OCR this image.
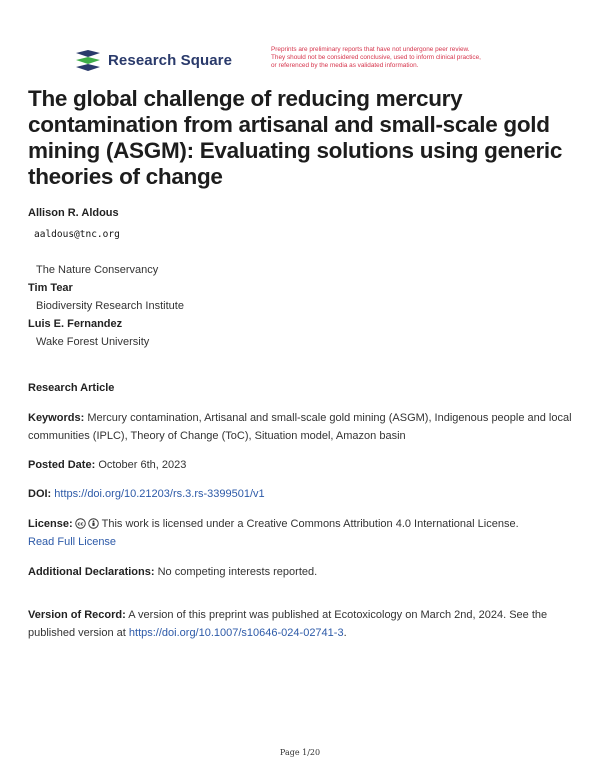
Research Square
Preprints are preliminary reports that have not undergone peer review.
They should not be considered conclusive, used to inform clinical practice,
or referenced by the media as validated information.
The global challenge of reducing mercury contamination from artisanal and small-scale gold mining (ASGM): Evaluating solutions using generic theories of change
Allison R. Aldous
aaldous@tnc.org
The Nature Conservancy
Tim Tear
Biodiversity Research Institute
Luis E. Fernandez
Wake Forest University
Research Article
Keywords: Mercury contamination, Artisanal and small-scale gold mining (ASGM), Indigenous people and local communities (IPLC), Theory of Change (ToC), Situation model, Amazon basin
Posted Date: October 6th, 2023
DOI: https://doi.org/10.21203/rs.3.rs-3399501/v1
License: cc This work is licensed under a Creative Commons Attribution 4.0 International License.
Read Full License
Additional Declarations: No competing interests reported.
Version of Record: A version of this preprint was published at Ecotoxicology on March 2nd, 2024. See the published version at https://doi.org/10.1007/s10646-024-02741-3.
Page 1/20
